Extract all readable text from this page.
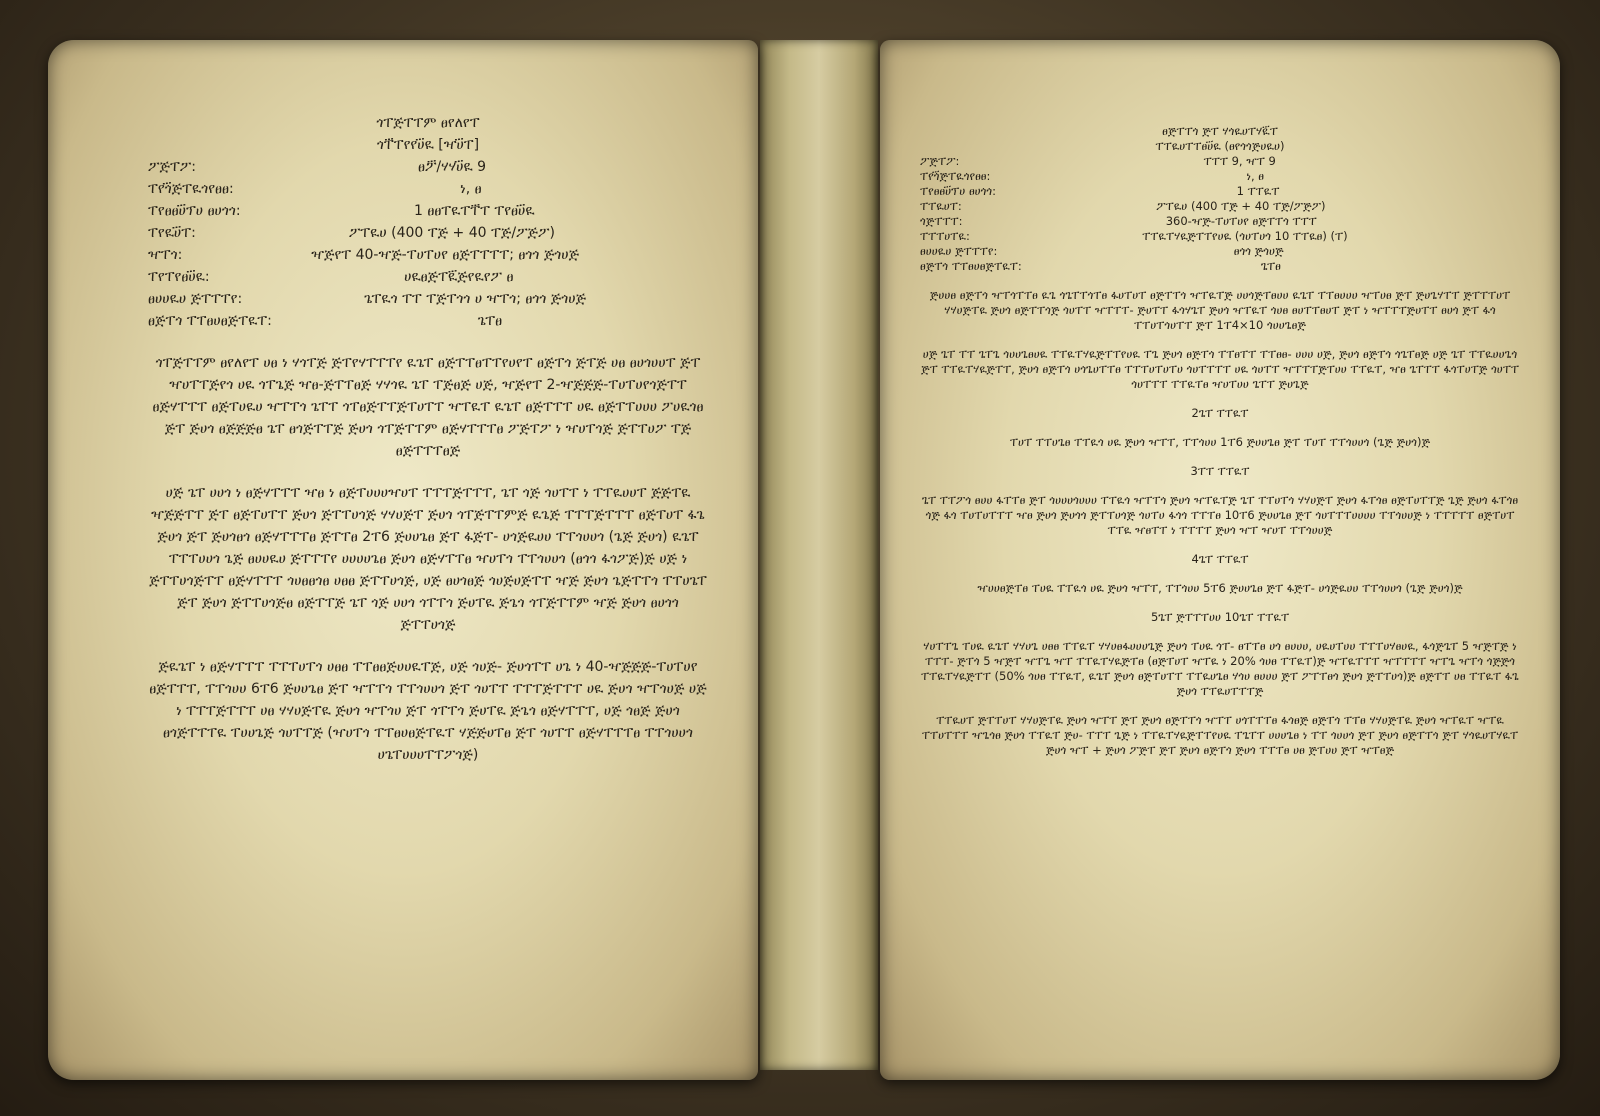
ጎፐጅፐፐም ፀየለየፐ
ጎፐ፝ፐየየሀ፝ዪ [ዣሀ፝ፐ]
ፖጅፐፖ:	ፀፖ፝/ሃሃሀ፝ዪ 9
ፐየጎ፝ጅፐዪጎየፀፀ:	ነ, ፀ
ፐየፀፀሀ፝ፕሀ ፀሀጎጎ:	1 ፀፀፐዪፐፐ፝ፐ ፐየፀሀ፝ዪ
ፐየዪሀ፝ፐ:	ፖፐዪሀ (400 ፐጅ + 40 ፐጅ/ፖጅፖ)
ዣፐጎ:	ዣጅየፐ 40-ዣጅ-ፐሀፐሀየ ፀጅፐፐፐፐ; ፀጎጎ ጅጎሀጅ
ፐየፐየፀሀ፝ዪ:	ሀዪፀጅፐዪ፝ጅየዪየፖ ፀ
ፀሀሀዪሀ ጅፐፐፐየ:	ጌፐዪጎ ፐፐ ፐጅፐጎጎ ሀ ዣፐጎ; ፀጎጎ ጅጎሀጅ
ፀጅፐጎ ፐፐፀሀፀጅፐዪፐ:	ጌፐፀ

ጎፐጅፐፐም ፀየለየፐ ሀፀ ነ ሃጎፐጅ ጅፐየሃፐፐፐየ ዪጌፐ ፀጅፐፐፀፐፐየሀየፐ ፀጅፐጎ ጅፐጅ ሀፀ ፀሀጎሀሀፐ ጅፐ ዣሀፐፐጅየጎ ሀዪ ጎፐጌጅ ዣፀ-ጅፐፐፀጅ ሃሃጎዪ ጌፐ ፐጅፀጅ ሀጅ, ዣጅየፐ 2-ዣጅጅጅ-ፐሀፐሀየጎጅፐፐ ፀጅሃፐፐፐ ፀጅፐሀዪሀ ዣፐፐጎ ጌፐፐ ጎፐፀጅፐፐጅፐሀፐፐ ዣፐዪፐ ዪጌፐ ፀጅፐፐፐ ሀዪ ፀጅፐፐሀሀሀ ፖሀዪጎፀ ጅፐ ጅሀጎ ፀጅጅጅፀ ጌፐ ፀጎጅፐፐጅ ጅሀጎ ጎፐጅፐፐም ፀጅሃፐፐፐፀ ፖጅፐፖ ነ ዣሀፐጎጅ ጅፐፐሀፖ ፐጅ ፀጅፐፐፐፀጅ

ሀጅ ጌፐ ሀሀጎ ነ ፀጅሃፐፐፐ ዣፀ ነ ፀጅፐሀሀሀዣሀፐ ፐፐፐጅፐፐፐ, ጌፐ ጎጅ ጎሀፐፐ ነ ፐፐዪሀሀፐ ጅጅፐዪ ዣጅጅፐፐ ጅፐ ፀጅፐሀፐፐ ጅሀጎ ጅፐፐሀጎጅ ሃሃሀጅፐ ጅሀጎ ጎፐጅፐፐምጅ ዪጌጅ ፐፐፐጅፐፐፐ ፀጅፐሀፐ ፋጌ ጅሀጎ ጅፐ ጅሀጎፀጎ ፀጅሃፐፐፐፀ ጅፐፐፀ 2ፐ6 ጅሀሀጌፀ ጅፐ ፋጅፐ- ሀጎጅዪሀሀ ፐፐጎሀሀጎ (ጌጅ ጅሀጎ) ዪጌፐ ፐፐፐሀሀጎ ጌጅ ፀሀሀዪሀ ጅፐፐፐየ ሀሀሀሀጌፀ ጅሀጎ ፀጅሃፐፐፀ ዣሀፐጎ ፐፐጎሀሀጎ (ፀጎጎ ፋጎፖጅ)ጅ ሀጅ ነ ጅፐፐሀጎጅፐፐ ፀጅሃፐፐፐ ጎሀፀፀጎፀ ሀፀፀ ጅፐፐሀጎጅ, ሀጅ ፀሀጎፀጅ ጎሀጅሀጅፐፐ ዣጅ ጅሀጎ ጌጅፐፐጎ ፐፐሀጌፐ ጅፐ ጅሀጎ ጅፐፐሀጎጅፀ ፀጅፐፐጅ ጌፐ ጎጅ ሀሀጎ ጎፐፐጎ ጅሀፐዪ ጅጌጎ ጎፐጅፐፐም ዣጅ ጅሀጎ ፀሀጎጎ ጅፐፐሀጎጅ

ጅዪጌፐ ነ ፀጅሃፐፐፐ ፐፐፐሀፐጎ ሀፀፀ ፐፐፀፀጅሀሀዪፐጅ, ሀጅ ጎሀጅ- ጅሀጎፐፐ ሀጌ ነ 40-ዣጅጅጅ-ፐሀፐሀየ ፀጅፐፐፐ, ፐፐጎሀሀ 6ፐ6 ጅሀሀጌፀ ጅፐ ዣፐፐጎ ፐፐጎሀሀጎ ጅፐ ጎሀፐፐ ፐፐፐጅፐፐፐ ሀዪ ጅሀጎ ዣፐጎሀጅ ሀጅ ነ ፐፐፐጅፐፐፐ ሀፀ ሃሃሀጅፐዪ ጅሀጎ ዣፐጎሀ ጅፐ ጎፐፐጎ ጅሀፐዪ ጅጌጎ ፀጅሃፐፐፐ, ሀጅ ጎፀጅ ጅሀጎ ፀጎጅፐፐፐዪ ፐሀሀጌጅ ጎሀፐፐጅ (ዣሀፐጎ ፐፐፀሀፀጅፐዪፐ ሃጅጅሀፐፀ ጅፐ ጎሀፐፐ ፀጅሃፐፐፐፀ ፐፐጎሀሀጎ ሀጌፐሀሀሀፐፐፖጎጅ)

ፀጅፐፐጎ ጅፐ ሃጎዪሀፐሃዪ፝ፐ
ፐፐዪሀፐፐፀሀ፝ዪ (ፀየጎጎጅሀዪሀ)
ፖጅፐፖ:	ፐፐፐ 9, ዣፐ 9
ፐየጎ፝ጅፐዪጎየፀፀ:	ነ, ፀ
ፐየፀፀሀ፝ፕሀ ፀሀጎጎ:	1 ፐፐዪፐ
ፐፐዪሀፐ:	ፖፐዪሀ (400 ፐጅ + 40 ፐጅ/ፖጅፖ)
ጎጅፐፐፐ:	360-ዣጅ-ፐሀፐሀየ ፀጅፐፐጎ ፐፐፐ
ፐፐፐሀፐዪ:	ፐፐዪፐሃዪጅፐፐየሀዪ (ጎሀፐሀጎ 10 ፐፐዪፀ) (ፐ)
ፀሀሀዪሀ ጅፐፐፐየ:	ፀጎጎ ጅጎሀጅ
ፀጅፐጎ ፐፐፀሀፀጅፐዪፐ:	ጌፐፀ

ጅሀሀፀ ፀጅፐጎ ዣፐጎፐፐፀ ዪጌ ጎጌፐፐጎፐፀ ፋሀፐሀፐ ፀጅፐፐጎ ዣፐዪፐጅ ሀሀጎጅፐፀሀሀ ዪጌፐ ፐፐፀሀሀሀ ዣፐሀፀ ጅፐ ጅሀጌሃፐፐ ጅፐፐፐሀፐ ሃሃሀጅፐዪ ጅሀጎ ፀጅፐፐጎጅ ጎሀፐፐ ዣፐፐፐ- ጅሀፐፐ ፋጎሃጌፐ ጅሀጎ ዣፐዪፐ ጎሀፀ ፀሀፐፐፀሀፐ ጅፐ ነ ዣፐፐፐጅሀፐፐ ፀሀጎ ጅፐ ፋጎ ፐፐሀፐጎሀፐፐ ጅፐ 1ፐ4×10 ጎሀሀጌፀጅ

ሀጅ ጌፐ ፐፐ ጌፐጌ ጎሀሀጌፀሀዪ ፐፐዪፐሃዪጅፐፐየሀዪ ፐጌ ጅሀጎ ፀጅፐጎ ፐፐፀፐፐ ፐፐፀፀ- ሀሀሀ ሀጅ, ጅሀጎ ፀጅፐጎ ጎጌፐፀጅ ሀጅ ጌፐ ፐፐዪሀሀጌጎ ጅፐ ፐፐዪፐሃዪጅፐፐ, ጅሀጎ ፀጅፐጎ ሀጎጌሀፐፐፀ ፐፐፐሀፐሀፐሀ ጎሀፐፐፐፐ ሀዪ ጎሀፐፐ ዣፐፐፐጅፐሀሀ ፐፐዪፐ, ዣፀ ጌፐፐፐ ፋጎፐሀፐጅ ጎሀፐፐ ጎሀፐፐፐ ፐፐዪፐፀ ዣሀፐሀሀ ጌፐፐ ጅሀጌጅ

2ጌፐ ፐፐዪፐ

ፐሀፐ ፐፐሀጌፀ ፐፐዪጎ ሀዪ ጅሀጎ ዣፐፐ, ፐፐጎሀሀ 1ፐ6 ጅሀሀጌፀ ጅፐ ፐሀፐ ፐፐጎሀሀጎ (ጌጅ ጅሀጎ)ጅ

3ፐፐ ፐፐዪፐ

ጌፐ ፐፐፖጎ ፀሀሀ ፋፐፐፀ ጅፐ ጎሀሀሀጎሀሀሀ ፐፐዪጎ ዣፐፐጎ ጅሀጎ ዣፐዪፐጅ ጌፐ ፐፐሀፐጎ ሃሃሀጅፐ ጅሀጎ ፋፐጎፀ ፀጅፐሀፐፐጅ ጌጅ ጅሀጎ ፋፐጎፀ ጎጅ ፋጎ ፐሀፐሀፐፐፐ ዣፀ ጅሀጎ ጅሀጎጎ ጅፐፐሀጎጅ ጎሀፐሀ ፋጎጎ ፐፐፐፀ 10ፐ6 ጅሀሀጌፀ ጅፐ ጎሀፐፐፐሀሀሀሀ ፐፐጎሀሀጅ ነ ፐፐፐፐፐ ፀጅፐሀፐ ፐፐዪ ዣፀፐፐ ነ ፐፐፐፐ ጅሀጎ ዣፐ ዣሀፐ ፐፐጎሀሀጅ

4ጌፐ ፐፐዪፐ

ዣሀሀፀጅፐፀ ፐሀዪ ፐፐዪጎ ሀዪ ጅሀጎ ዣፐፐ, ፐፐጎሀሀ 5ፐ6 ጅሀሀጌፀ ጅፐ ፋጅፐ- ሀጎጅዪሀሀ ፐፐጎሀሀጎ (ጌጅ ጅሀጎ)ጅ

5ጌፐ ጅፐፐፐሀሀ 10ጌፐ ፐፐዪፐ

ሃሀፐፐጌ ፐሀዪ ዪጌፐ ሃሃሀጌ ሀፀፀ ፐፐዪፐ ሃሃሀፀፋሀሀሀጌጅ ጅሀጎ ፐሀዪ ጎፐ- ፀፐፐፀ ሀጎ ፀሀሀሀ, ሀዪሀፐሀሀ ፐፐፐሀሃፀሀዪ, ፋጎጅጌፐ 5 ዣጅፐጅ ነ ፐፐፐ- ጅፐጎ 5 ዣጅፐ ዣፐጌ ዣፐ ፐፐዪፐሃዪጅፐፀ (ፀጅፐሀፐ ዣፐዪ ነ 20% ጎሀፀ ፐፐዪፐ)ጅ ዣፐዪፐፐፐ ዣፐፐፐፐ ዣፐጌ ዣፐጎ ጎጅጅጎ ፐፐዪፐሃዪጅፐፐ (50% ጎሀፀ ፐፐዪፐ, ዪጌፐ ጅሀጎ ፀጅፐሀፐፐ ፐፐዪሀጌፀ ሃጎሀ ፀሀሀሀ ጅፐ ፖፐፐፀጎ ጅሀጎ ጅፐፐሀጎ)ጅ ፀጅፐፐ ሀፀ ፐፐዪፐ ፋጌ ጅሀጎ ፐፐዪሀፐፐፐጅ

ፐፐዪሀፐ ጅፐፐሀፐ ሃሃሀጅፐዪ ጅሀጎ ዣፐፐ ጅፐ ጅሀጎ ፀጅፐፐጎ ዣፐፐ ሀጎፐፐፐፀ ፋጎፀጅ ፀጅፐጎ ፐፐፀ ሃሃሀጅፐዪ ጅሀጎ ዣፐዪፐ ዣፐዪ ፐፐሀፐፐፐ ዣጌጎፀ ጅሀጎ ፐፐዪፐ ጅሀ- ፐፐፐ ጌጅ ነ ፐፐዪፐሃዪጅፐፐየሀዪ ፐጌፐፐ ሀሀሀጌፀ ነ ፐፐ ጎሀሀጎ ጅፐ ጅሀጎ ፀጅፐፐጎ ጅፐ ሃጎዪሀፐሃዪፐ ጅሀጎ ዣፐ + ጅሀጎ ፖጅፐ ጅፐ ጅሀጎ ፀጅፐጎ ጅሀጎ ፐፐፐፀ ሀፀ ጅፐሀሀ ጅፐ ዣፐፀጅ
